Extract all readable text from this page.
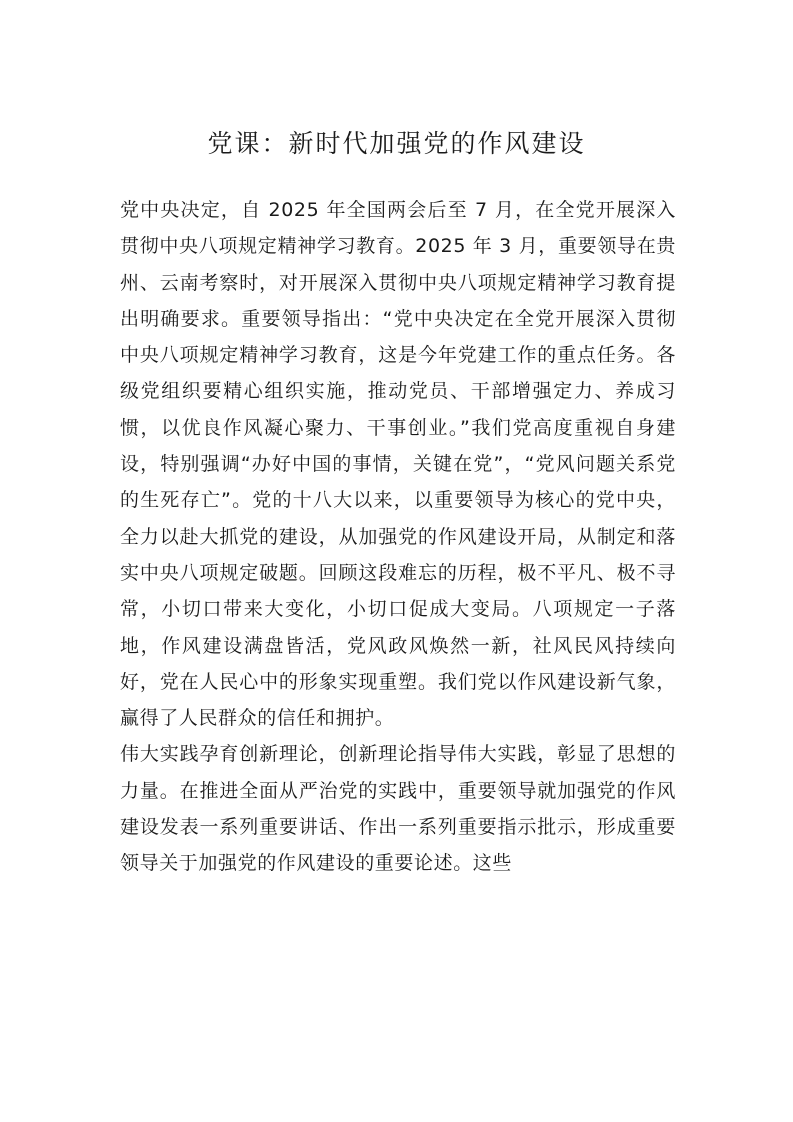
党课：新时代加强党的作风建设

党中央决定，自 2025 年全国两会后至 7 月，在全党开展深入贯彻中央八项规定精神学习教育。2025 年 3 月，重要领导在贵州、云南考察时，对开展深入贯彻中央八项规定精神学习教育提出明确要求。重要领导指出：“党中央决定在全党开展深入贯彻中央八项规定精神学习教育，这是今年党建工作的重点任务。各级党组织要精心组织实施，推动党员、干部增强定力、养成习惯，以优良作风凝心聚力、干事创业。”我们党高度重视自身建设，特别强调“办好中国的事情，关键在党”，“党风问题关系党的生死存亡”。党的十八大以来，以重要领导为核心的党中央，全力以赴大抓党的建设，从加强党的作风建设开局，从制定和落实中央八项规定破题。回顾这段难忘的历程，极不平凡、极不寻常，小切口带来大变化，小切口促成大变局。八项规定一子落地，作风建设满盘皆活，党风政风焕然一新，社风民风持续向好，党在人民心中的形象实现重塑。我们党以作风建设新气象，赢得了人民群众的信任和拥护。

伟大实践孕育创新理论，创新理论指导伟大实践，彰显了思想的力量。在推进全面从严治党的实践中，重要领导就加强党的作风建设发表一系列重要讲话、作出一系列重要指示批示，形成重要领导关于加强党的作风建设的重要论述。这些
